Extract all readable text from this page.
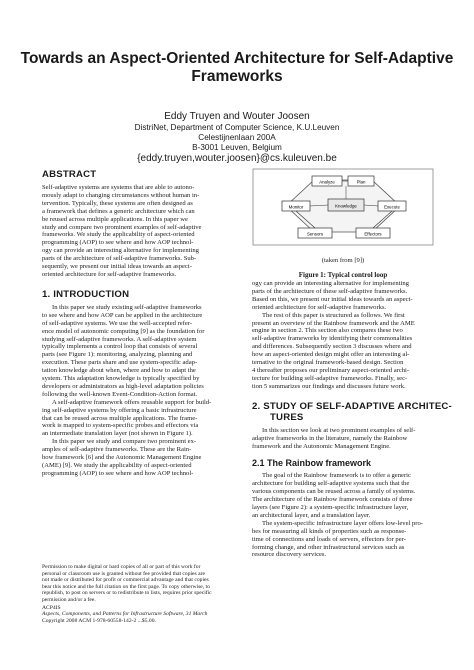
Towards an Aspect-Oriented Architecture for Self-Adaptive
Frameworks
Eddy Truyen and Wouter Joosen
DistriNet, Department of Computer Science, K.U.Leuven
Celestijnenlaan 200A
B-3001 Leuven, Belgium
{eddy.truyen,wouter.joosen}@cs.kuleuven.be
ABSTRACT

Self-adaptive systems are systems that are able to autono-

mously adapt to changing circumstances without human in-

tervention. Typically, these systems are often designed as

a framework that defines a generic architecture which can

be reused across multiple applications. In this paper we

study and compare two prominent examples of self-adaptive

frameworks. We study the applicability of aspect-oriented

programming (AOP) to see where and how AOP technol-

ogy can provide an interesting alternative for implementing

parts of the architecture of self-adaptive frameworks. Sub-

sequently, we present our initial ideas towards an aspect-

oriented architecture for self-adaptive frameworks.

1. INTRODUCTION

In this paper we study existing self-adaptive frameworks

to see where and how AOP can be applied in the architecture

of self-adaptive systems. We use the well-accepted refer-

ence model of autonomic computing [9] as the foundation for

studying self-adaptive frameworks. A self-adaptive system

typically implements a control loop that consists of several

parts (see Figure 1): monitoring, analyzing, planning and

execution. These parts share and use system-specific adap-

tation knowledge about when, where and how to adapt the

system. This adaptation knowledge is typically specified by

developers or administrators as high-level adaptation policies

following the well-known Event-Condition-Action format.

A self-adaptive framework offers reusable support for build-

ing self-adaptive systems by offering a basic infrastructure

that can be reused across multiple applications. The frame-

work is mapped to system-specific probes and effectors via

an intermediate translation layer (not shown in Figure 1).

In this paper we study and compare two prominent ex-

amples of self-adaptive frameworks. These are the Rain-

bow framework [6] and the Autonomic Management Engine

(AME) [9]. We study the applicability of aspect-oriented

programming (AOP) to see where and how AOP technol-

Permission to make digital or hard copies of all or part of this work for

personal or classroom use is granted without fee provided that copies are

not made or distributed for profit or commercial advantage and that copies

bear this notice and the full citation on the first page. To copy otherwise, to

republish, to post on servers or to redistribute to lists, requires prior specific

permission and/or a fee.

ACP4IS

Aspects, Components, and Patterns for Infrastructure Software, 31 March

Copyright 2008 ACM 1-978-60558-142-2 ...$5.00.

Analyze	Plan
Monitor	Knowledge	Execute
Sensors	Effectors
(taken from [9])
Figure 1: Typical control loop

ogy can provide an interesting alternative for implementing

parts of the architecture of these self-adaptive frameworks.

Based on this, we present our initial ideas towards an aspect-

oriented architecture for self-adaptive frameworks.

The rest of this paper is structured as follows. We first

present an overview of the Rainbow framework and the AME

engine in section 2. This section also compares these two

self-adaptive frameworks by identifying their commonalities

and differences. Subsequently section 3 discusses where and

how an aspect-oriented design might offer an interesting al-

ternative to the original framework-based design. Section

4 thereafter proposes our preliminary aspect-oriented archi-

tecture for building self-adaptive frameworks. Finally, sec-

tion 5 summarizes our findings and discusses future work.

2. STUDY OF SELF-ADAPTIVE ARCHITEC-
TURES

In this section we look at two prominent examples of self-

adaptive frameworks in the literature, namely the Rainbow

framework and the Autonomic Management Engine.

2.1 The Rainbow framework

The goal of the Rainbow framework is to offer a generic

architecture for building self-adaptive systems such that the

various components can be reused across a family of systems.

The architecture of the Rainbow framework consists of three

layers (see Figure 2): a system-specific infrastructure layer,

an architectural layer, and a translation layer.

The system-specific infrastructure layer offers low-level pro-

bes for measuring all kinds of properties such as response-

time of connections and loads of servers, effectors for per-

forming change, and other infrastructural services such as

resource discovery services.
